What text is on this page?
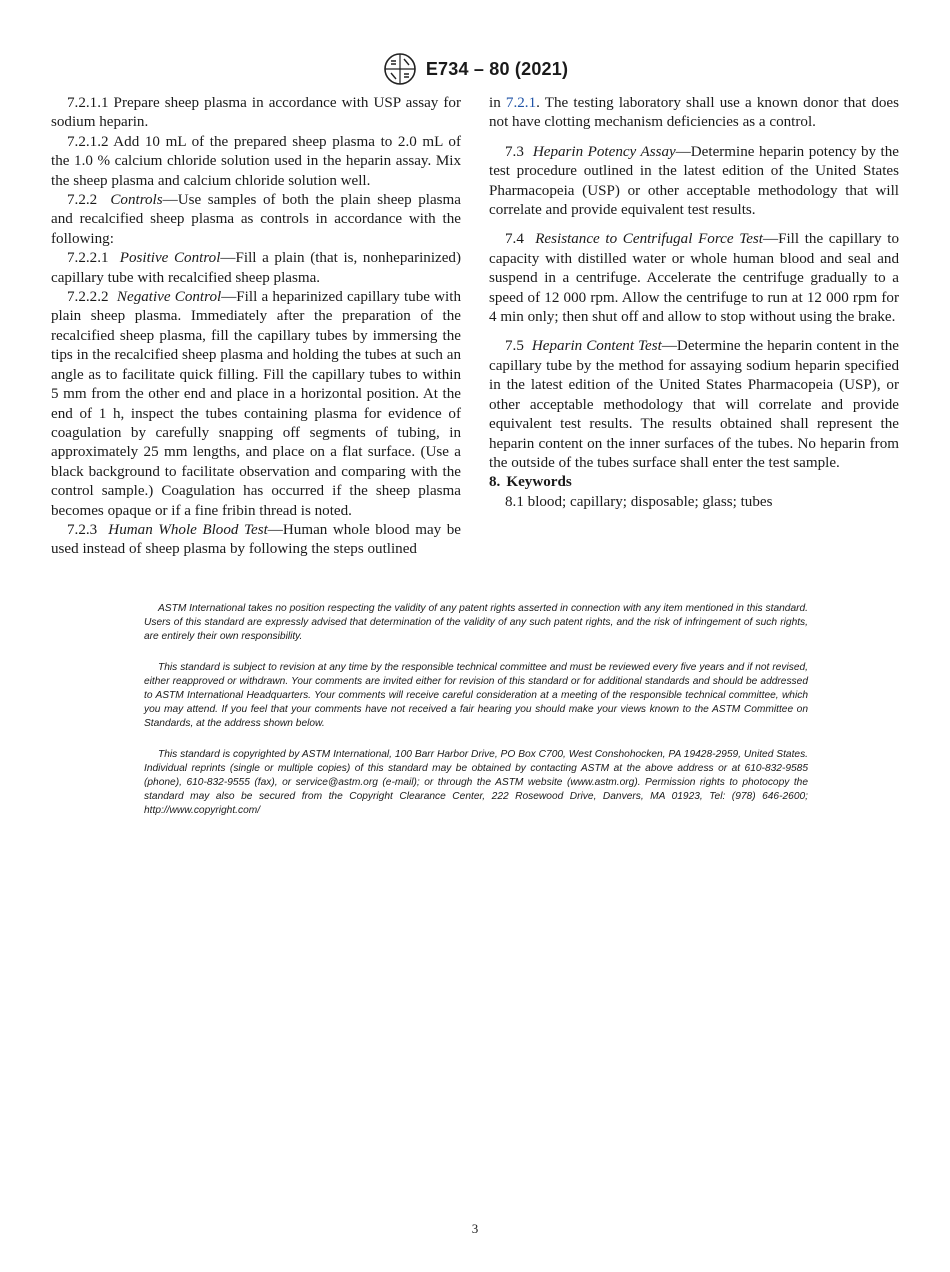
E734 – 80 (2021)

7.2.1.1 Prepare sheep plasma in accordance with USP assay for sodium heparin.

7.2.1.2 Add 10 mL of the prepared sheep plasma to 2.0 mL of the 1.0 % calcium chloride solution used in the heparin assay. Mix the sheep plasma and calcium chloride solution well.

7.2.2 Controls—Use samples of both the plain sheep plasma and recalcified sheep plasma as controls in accordance with the following:

7.2.2.1 Positive Control—Fill a plain (that is, nonheparinized) capillary tube with recalcified sheep plasma.

7.2.2.2 Negative Control—Fill a heparinized capillary tube with plain sheep plasma. Immediately after the preparation of the recalcified sheep plasma, fill the capillary tubes by immersing the tips in the recalcified sheep plasma and holding the tubes at such an angle as to facilitate quick filling. Fill the capillary tubes to within 5 mm from the other end and place in a horizontal position. At the end of 1 h, inspect the tubes containing plasma for evidence of coagulation by carefully snapping off segments of tubing, in approximately 25 mm lengths, and place on a flat surface. (Use a black background to facilitate observation and comparing with the control sample.) Coagulation has occurred if the sheep plasma becomes opaque or if a fine fribin thread is noted.

7.2.3 Human Whole Blood Test—Human whole blood may be used instead of sheep plasma by following the steps outlined

in 7.2.1. The testing laboratory shall use a known donor that does not have clotting mechanism deficiencies as a control.

7.3 Heparin Potency Assay—Determine heparin potency by the test procedure outlined in the latest edition of the United States Pharmacopeia (USP) or other acceptable methodology that will correlate and provide equivalent test results.

7.4 Resistance to Centrifugal Force Test—Fill the capillary to capacity with distilled water or whole human blood and seal and suspend in a centrifuge. Accelerate the centrifuge gradually to a speed of 12 000 rpm. Allow the centrifuge to run at 12 000 rpm for 4 min only; then shut off and allow to stop without using the brake.

7.5 Heparin Content Test—Determine the heparin content in the capillary tube by the method for assaying sodium heparin specified in the latest edition of the United States Pharmacopeia (USP), or other acceptable methodology that will correlate and provide equivalent test results. The results obtained shall represent the heparin content on the inner surfaces of the tubes. No heparin from the outside of the tubes surface shall enter the test sample.

8. Keywords

8.1 blood; capillary; disposable; glass; tubes

ASTM International takes no position respecting the validity of any patent rights asserted in connection with any item mentioned in this standard. Users of this standard are expressly advised that determination of the validity of any such patent rights, and the risk of infringement of such rights, are entirely their own responsibility.

This standard is subject to revision at any time by the responsible technical committee and must be reviewed every five years and if not revised, either reapproved or withdrawn. Your comments are invited either for revision of this standard or for additional standards and should be addressed to ASTM International Headquarters. Your comments will receive careful consideration at a meeting of the responsible technical committee, which you may attend. If you feel that your comments have not received a fair hearing you should make your views known to the ASTM Committee on Standards, at the address shown below.

This standard is copyrighted by ASTM International, 100 Barr Harbor Drive, PO Box C700, West Conshohocken, PA 19428-2959, United States. Individual reprints (single or multiple copies) of this standard may be obtained by contacting ASTM at the above address or at 610-832-9585 (phone), 610-832-9555 (fax), or service@astm.org (e-mail); or through the ASTM website (www.astm.org). Permission rights to photocopy the standard may also be secured from the Copyright Clearance Center, 222 Rosewood Drive, Danvers, MA 01923, Tel: (978) 646-2600; http://www.copyright.com/

3
